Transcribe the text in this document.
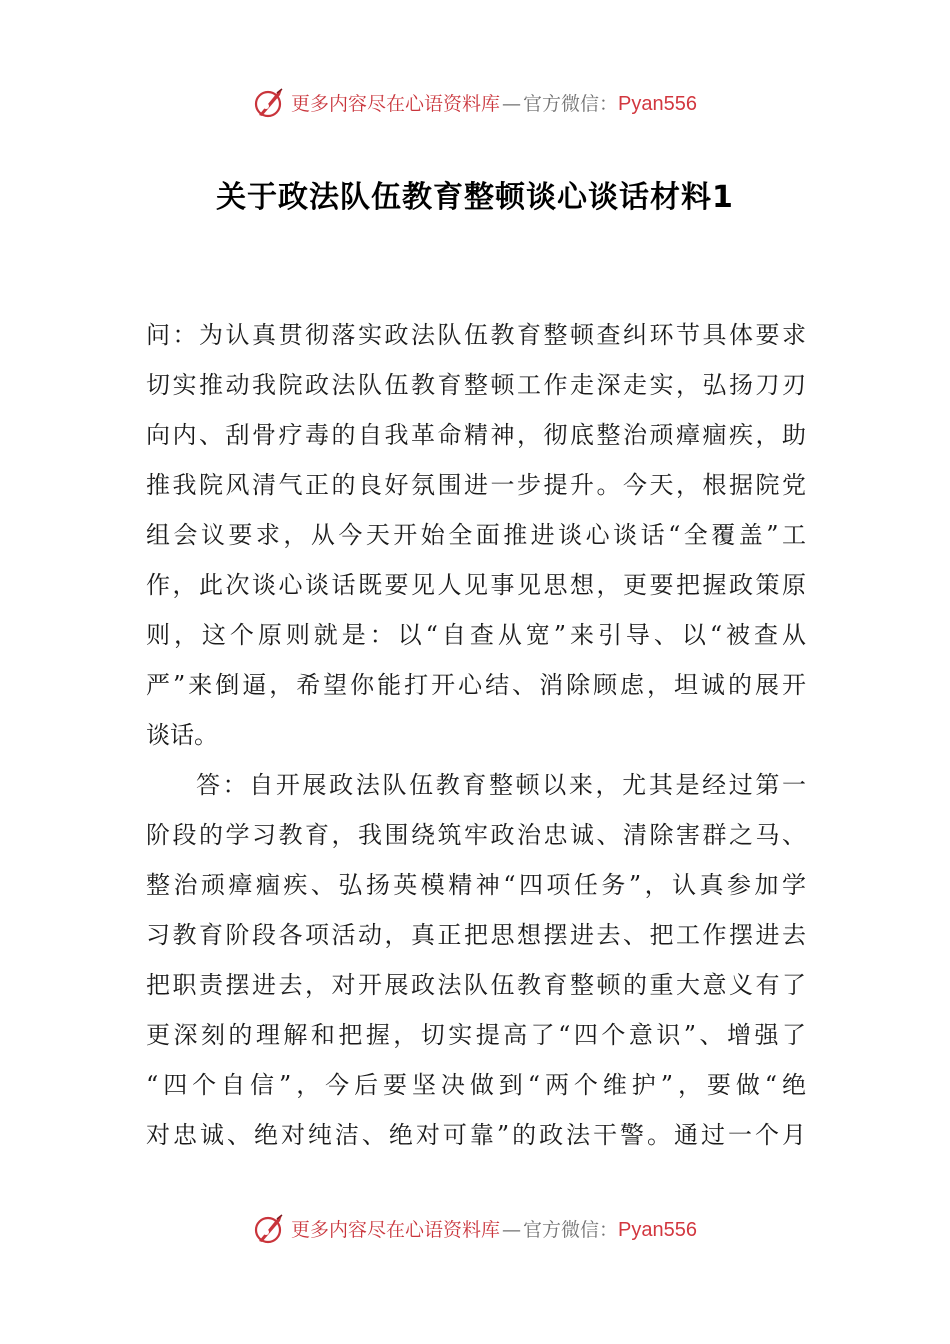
更多内容尽在心语资料库 — 官方微信：Pyan556
关于政法队伍教育整顿谈心谈话材料1
问：为认真贯彻落实政法队伍教育整顿查纠环节具体要求
切实推动我院政法队伍教育整顿工作走深走实，弘扬刀刃
向内、刮骨疗毒的自我革命精神，彻底整治顽瘴痼疾，助
推我院风清气正的良好氛围进一步提升。今天，根据院党
组会议要求，从今天开始全面推进谈心谈话“全覆盖”工
作，此次谈心谈话既要见人见事见思想，更要把握政策原
则，这个原则就是：以“自查从宽”来引导、以“被查从
严”来倒逼，希望你能打开心结、消除顾虑，坦诚的展开
谈话。
答：自开展政法队伍教育整顿以来，尤其是经过第一
阶段的学习教育，我围绕筑牢政治忠诚、清除害群之马、
整治顽瘴痼疾、弘扬英模精神“四项任务”，认真参加学
习教育阶段各项活动，真正把思想摆进去、把工作摆进去
把职责摆进去，对开展政法队伍教育整顿的重大意义有了
更深刻的理解和把握，切实提高了“四个意识”、增强了
“四个自信”，今后要坚决做到“两个维护”，要做“绝
对忠诚、绝对纯洁、绝对可靠”的政法干警。通过一个月
更多内容尽在心语资料库 — 官方微信：Pyan556
